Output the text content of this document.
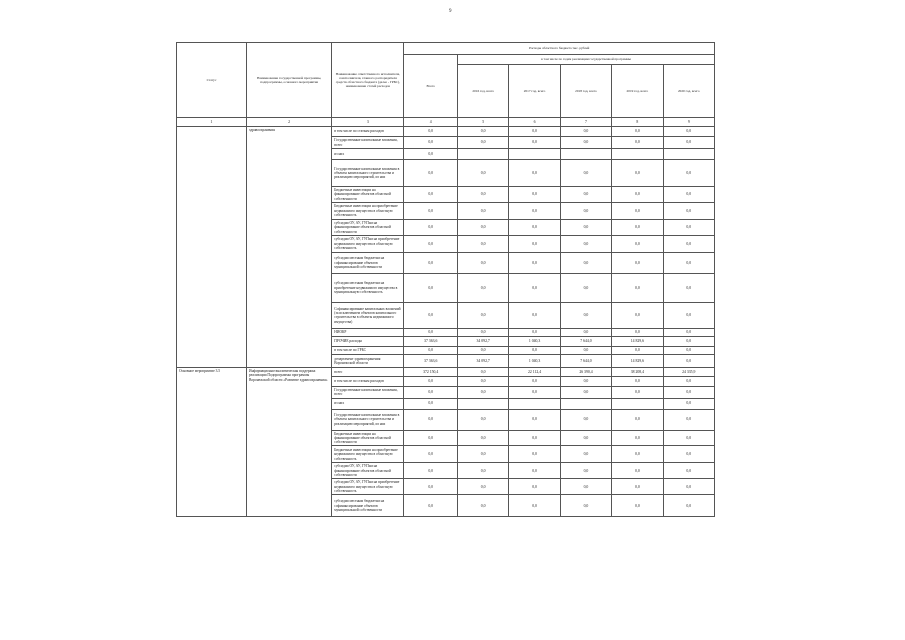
9
Статус	Наименование государственной программы, подпрограммы, основного мероприятия	Наименование ответственного исполнителя, соисполнителя, главного распорядителя средств областного бюджета (далее - ГРБС), наименование статей расходов	Расходы областного бюджета тыс. рублей					
			Всего	в том числе по годам реализации государственной программы				
				2016 год, всего	2017 год, всего	2018 год, всего	2019 год, всего	2020 год, всего
1	2	3	4	5	6	7	8	9
	здравоохранения	в том числе по статьям расходов	0,0	0,0	0,0	0,0	0,0	0,0
		Государственные капитальные вложения, всего	0,0	0,0	0,0	0,0	0,0	0,0
		из них	0,0					
		Государственные капитальные вложения в объекты капитального строительства и реализацию мероприятий, из них	0,0	0,0	0,0	0,0	0,0	0,0
		Бюджетные инвестиции на финансирование объектов областной собственности	0,0	0,0	0,0	0,0	0,0	0,0
		Бюджетные инвестиции на приобретение недвижимого имущества в областную собственность	0,0	0,0	0,0	0,0	0,0	0,0
		субсидии ОУ, АУ, ГУПам на финансирование объектов областной собственности	0,0	0,0	0,0	0,0	0,0	0,0
		субсидии ОУ, АУ, ГУПам на приобретение недвижимого имущества в областную собственность	0,0	0,0	0,0	0,0	0,0	0,0
		субсидии местным бюджетам на софинансирование объектов муниципальной собственности	0,0	0,0	0,0	0,0	0,0	0,0
		субсидии местным бюджетам на приобретение недвижимого имущества в муниципальную собственность	0,0	0,0	0,0	0,0	0,0	0,0
		Софинансирование капитальных вложений (за исключением объектов капитального строительства в объекты недвижимого имущества)	0,0	0,0	0,0	0,0	0,0	0,0
		НИОКР	0,0	0,0	0,0	0,0	0,0	0,0
		ПРОЧИЕ расходы	37 363,6	34 092,7	1 040,3	7 644,0	14 829,6	0,0
		в том числе по ГРБС	0,0	0,0	0,0	0,0	0,0	0,0
		департамент здравоохранения Воронежской области	37 363,6	34 092,7	1 040,3	7 644,0	14 829,6	0,0
Основное мероприятие 3.5	Информационно-аналитическая поддержка реализации Подпрограммы программы Воронежской области «Развитие здравоохранения»	всего	372 150,4	0,0	22 112,4	26 390,4	38 208,4	24 335,9
		в том числе по статьям расходов	0,0	0,0	0,0	0,0	0,0	0,0
		Государственные капитальные вложения, всего	0,0	0,0	0,0	0,0	0,0	0,0
		из них	0,0					0,0
		Государственные капитальные вложения в объекты капитального строительства и реализацию мероприятий, из них	0,0	0,0	0,0	0,0	0,0	0,0
		Бюджетные инвестиции на финансирование объектов областной собственности	0,0	0,0	0,0	0,0	0,0	0,0
		Бюджетные инвестиции на приобретение недвижимого имущества в областную собственность	0,0	0,0	0,0	0,0	0,0	0,0
		субсидии ОУ, АУ, ГУПам на финансирование объектов областной собственности	0,0	0,0	0,0	0,0	0,0	0,0
		субсидии ОУ, АУ, ГУПам на приобретение недвижимого имущества в областную собственность	0,0	0,0	0,0	0,0	0,0	0,0
		субсидии местным бюджетам на софинансирование объектов муниципальной собственности	0,0	0,0	0,0	0,0	0,0	0,0
